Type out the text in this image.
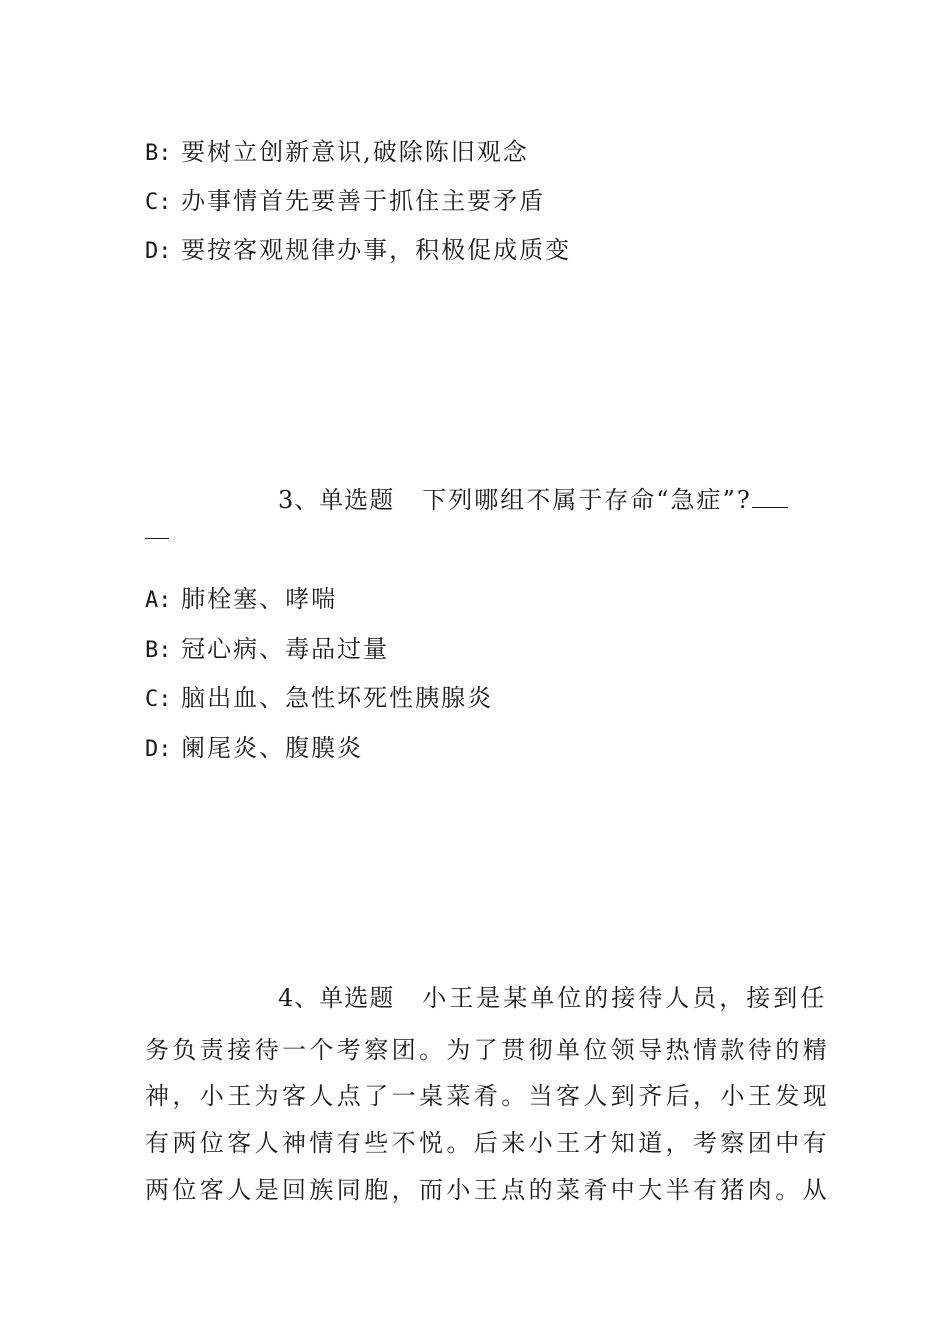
B: 要树立创新意识,破除陈旧观念
C: 办事情首先要善于抓住主要矛盾
D: 要按客观规律办事，积极促成质变
3、单选题 下列哪组不属于存命“急症”?
A: 肺栓塞、哮喘
B: 冠心病、毒品过量
C: 脑出血、急性坏死性胰腺炎
D: 阑尾炎、腹膜炎
4、单选题 小王是某单位的接待人员，接到任
务负责接待一个考察团。为了贯彻单位领导热情款待的精
神，小王为客人点了一桌菜肴。当客人到齐后，小王发现
有两位客人神情有些不悦。后来小王才知道，考察团中有
两位客人是回族同胞，而小王点的菜肴中大半有猪肉。从
